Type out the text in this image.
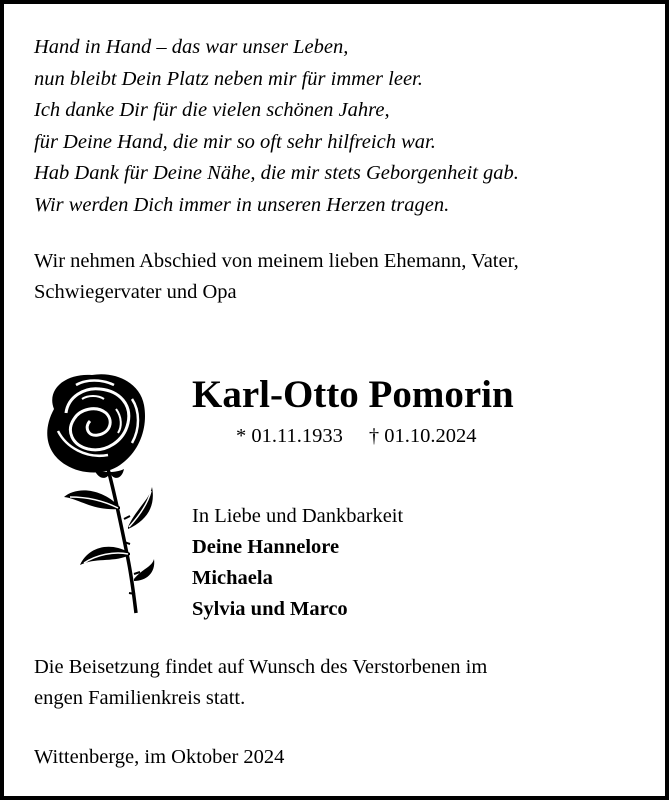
Hand in Hand – das war unser Leben,
nun bleibt Dein Platz neben mir für immer leer.
Ich danke Dir für die vielen schönen Jahre,
für Deine Hand, die mir so oft sehr hilfreich war.
Hab Dank für Deine Nähe, die mir stets Geborgenheit gab.
Wir werden Dich immer in unseren Herzen tragen.
Wir nehmen Abschied von meinem lieben Ehemann, Vater,
Schwiegervater und Opa
Karl-Otto Pomorin
* 01.11.1933 † 01.10.2024
In Liebe und Dankbarkeit
Deine Hannelore
Michaela
Sylvia und Marco
Die Beisetzung findet auf Wunsch des Verstorbenen im
engen Familienkreis statt.
Wittenberge, im Oktober 2024
